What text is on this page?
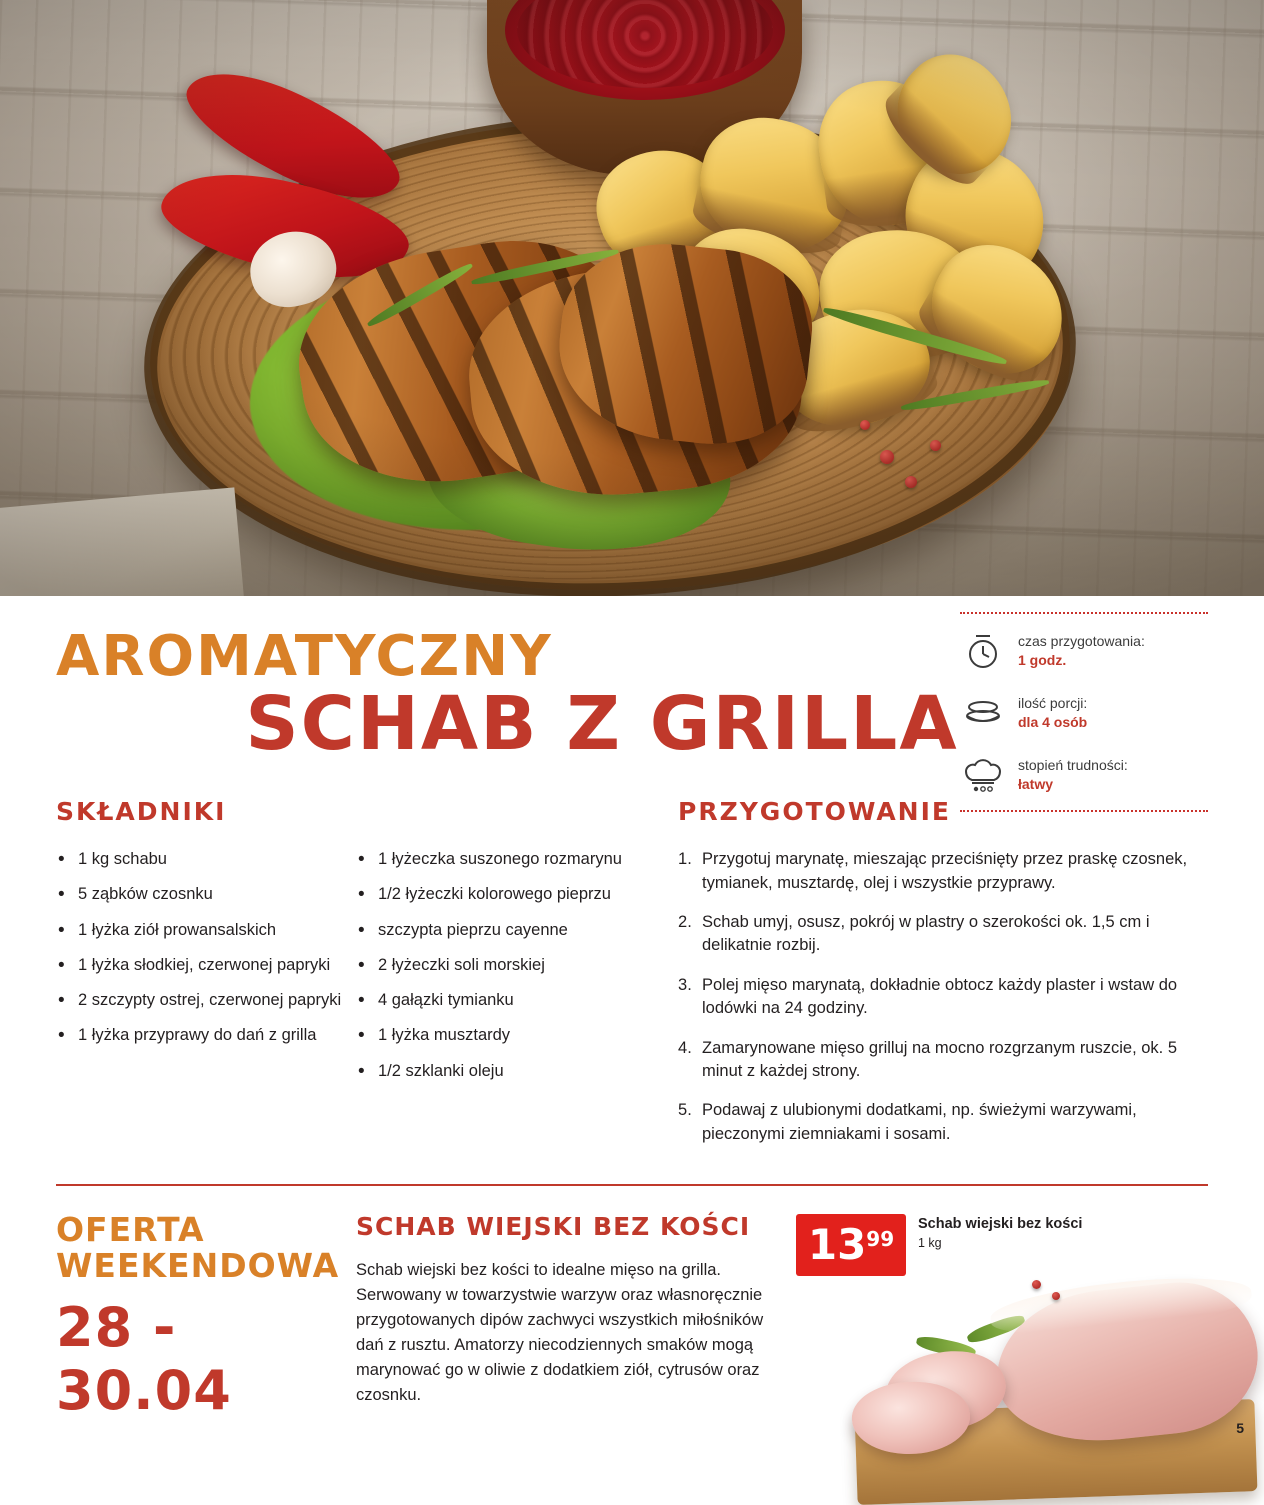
czas przygotowania:
1 godz.
ilość porcji:
dla 4 osób
stopień trudności:
łatwy
AROMATYCZNY
SCHAB Z GRILLA
SKŁADNIKI
• 1 kg schabu
• 5 ząbków czosnku
• 1 łyżka ziół prowansalskich
• 1 łyżka słodkiej, czerwonej papryki
• 2 szczypty ostrej, czerwonej papryki
• 1 łyżka przyprawy do dań z grilla
• 1 łyżeczka suszonego rozmarynu
• 1/2 łyżeczki kolorowego pieprzu
• szczypta pieprzu cayenne
• 2 łyżeczki soli morskiej
• 4 gałązki tymianku
• 1 łyżka musztardy
• 1/2 szklanki oleju
PRZYGOTOWANIE
Przygotuj marynatę, mieszając przeciśnięty przez praskę czosnek, tymianek, musztardę, olej i wszystkie przyprawy.
Schab umyj, osusz, pokrój w plastry o szerokości ok. 1,5 cm i delikatnie rozbij.
Polej mięso marynatą, dokładnie obtocz każdy plaster i wstaw do lodówki na 24 godziny.
Zamarynowane mięso grilluj na mocno rozgrzanym ruszcie, ok. 5 minut z każdej strony.
Podawaj z ulubionymi dodatkami, np. świeżymi warzywami, pieczonymi ziemniakami i sosami.
OFERTA
WEEKENDOWA
28 - 30.04
SCHAB WIEJSKI BEZ KOŚCI

Schab wiejski bez kości to idealne mięso na grilla. Serwowany w towarzystwie warzyw oraz własnoręcznie przygotowanych dipów zachwyci wszystkich miłośników dań z rusztu. Amatorzy niecodziennych smaków mogą marynować go w oliwie z dodatkiem ziół, cytrusów oraz czosnku.

13 99
Schab wiejski bez kości
1 kg
5
